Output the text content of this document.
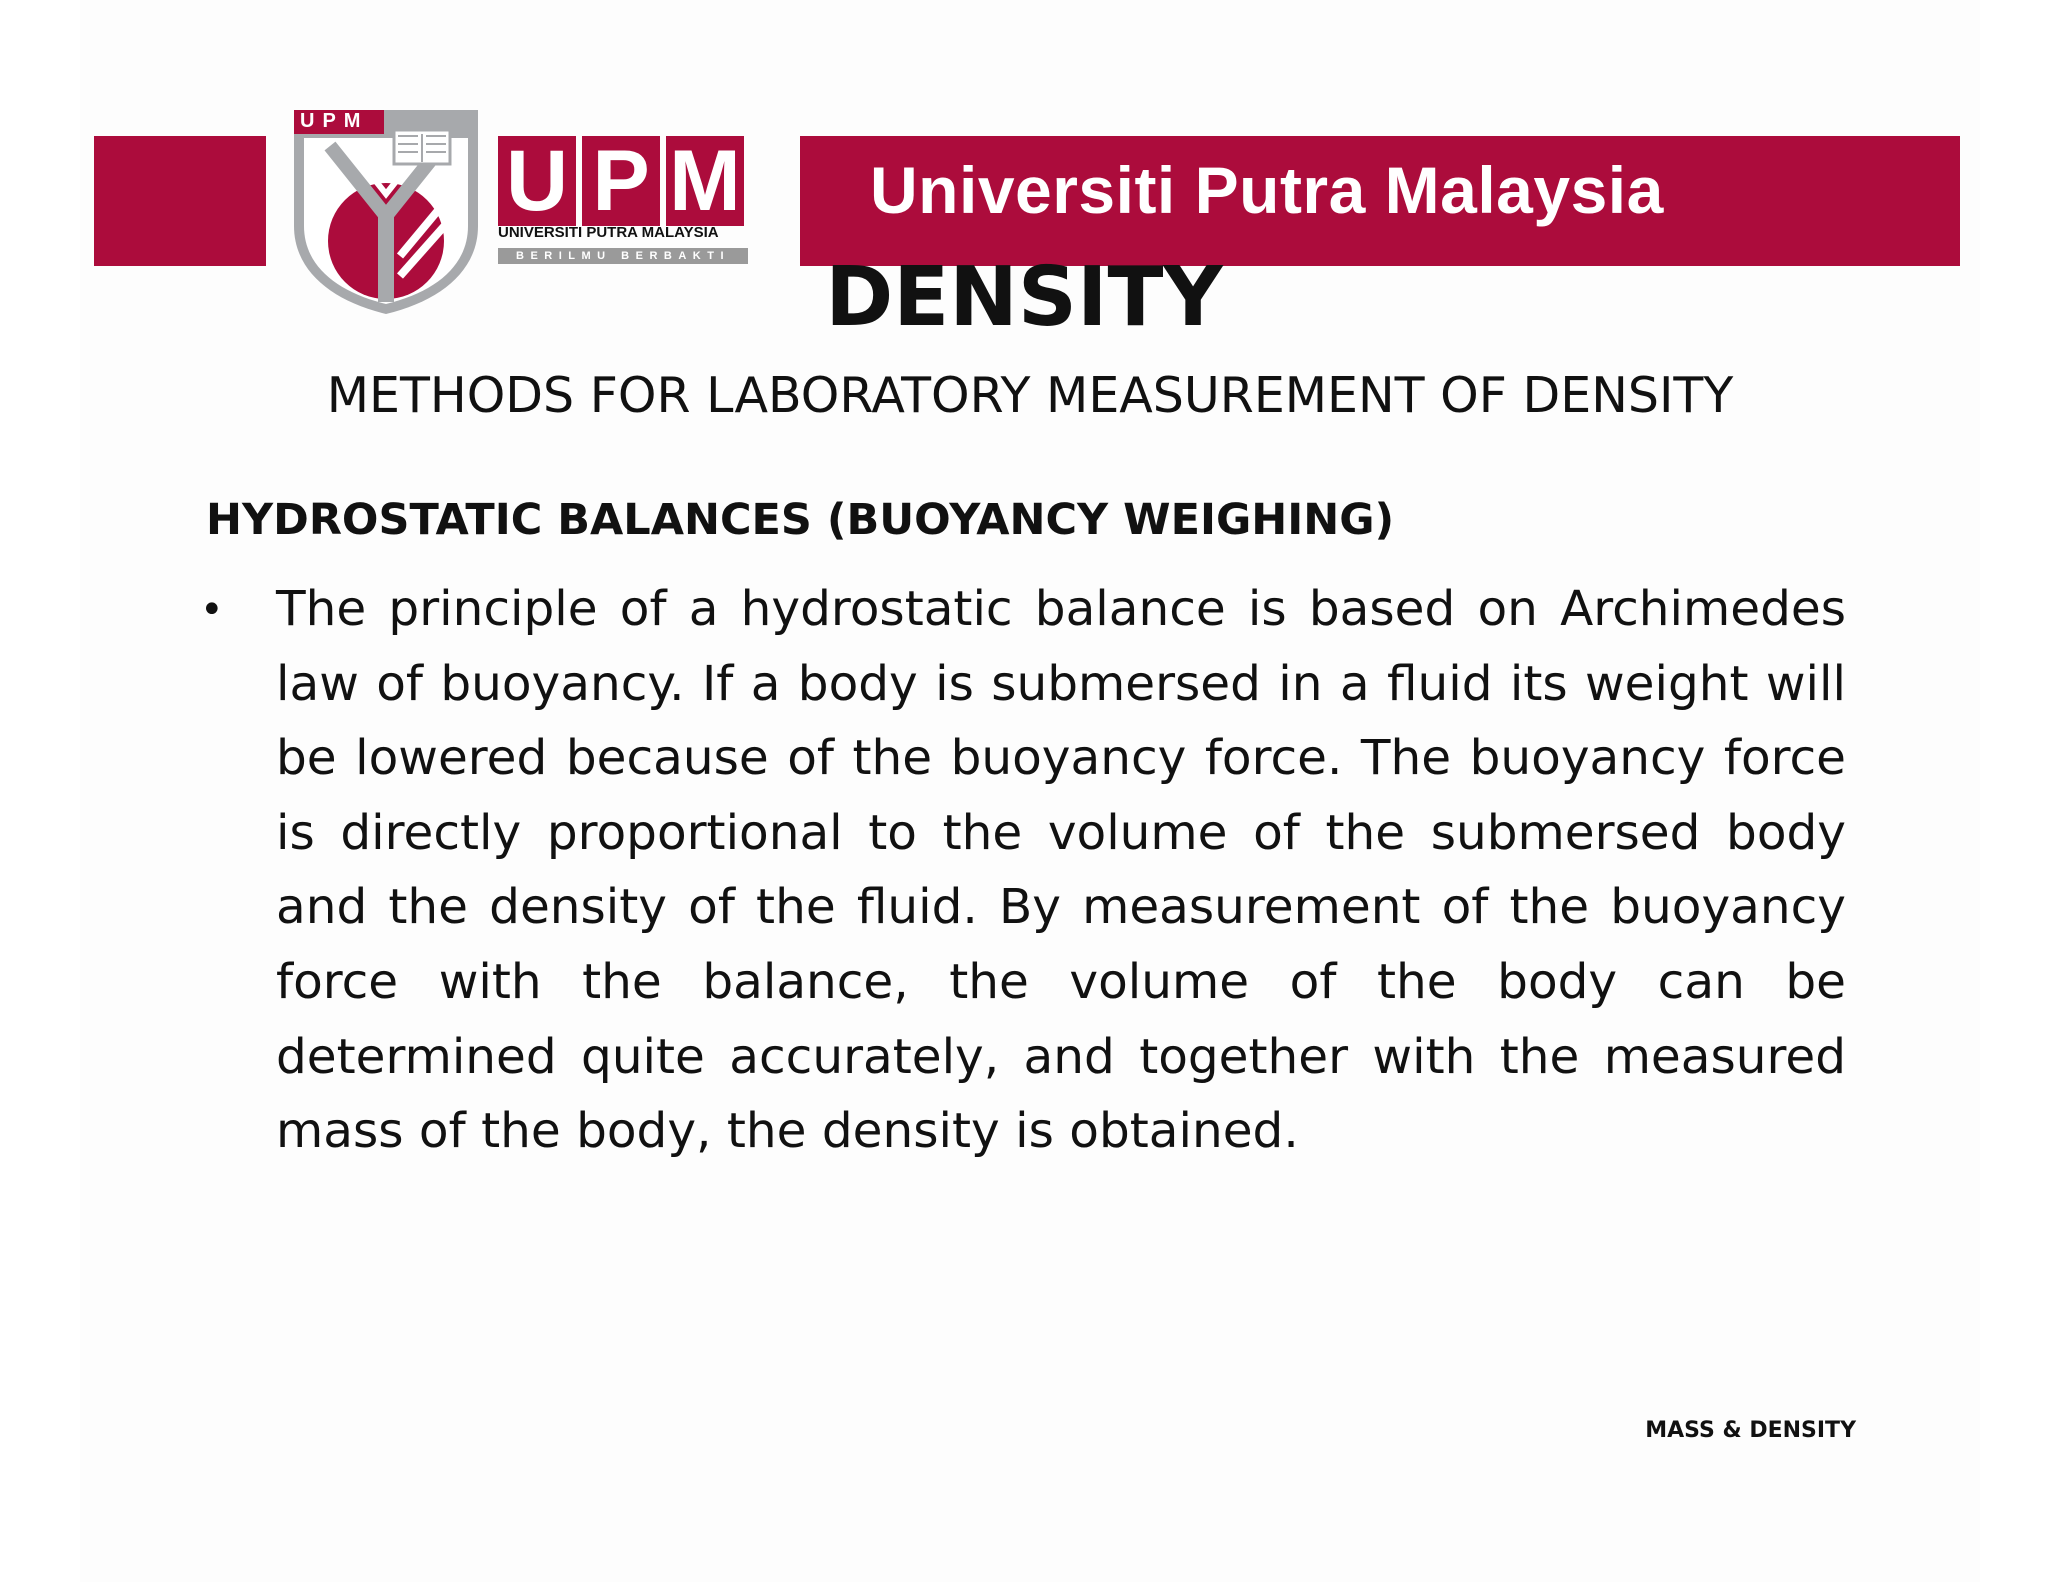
Universiti Putra Malaysia
UPM
U P M
UNIVERSITI PUTRA MALAYSIA
BERILMU BERBAKTI	DENSITY
METHODS FOR LABORATORY MEASUREMENT OF DENSITY
HYDROSTATIC BALANCES (BUOYANCY WEIGHING)
• The principle of a hydrostatic balance is based on Archimedes law of buoyancy. If a body is submersed in a fluid its weight will be lowered because of the buoyancy force. The buoyancy force is directly proportional to the volume of the submersed body and the density of the fluid. By measurement of the buoyancy force with the balance, the volume of the body can be determined quite accurately, and together with the measured mass of the body, the density is obtained.
MASS & DENSITY
